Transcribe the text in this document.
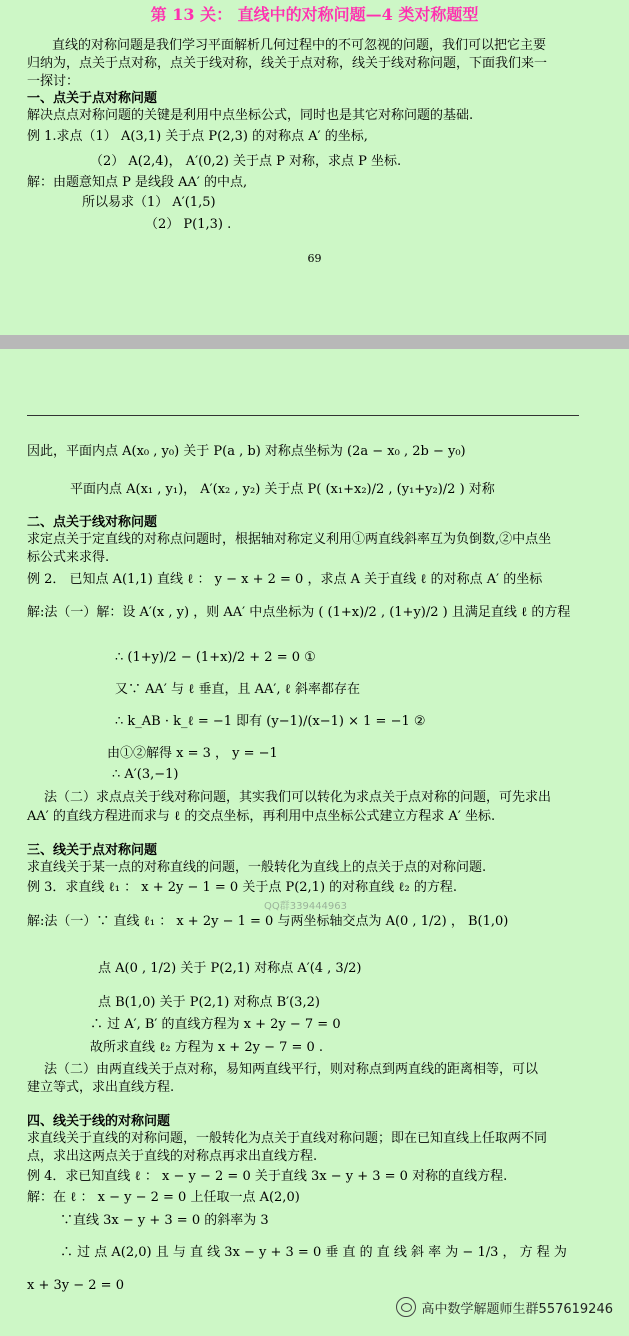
第 13 关： 直线中的对称问题—4 类对称题型
69
QQ群339444963
直线的对称问题是我们学习平面解析几何过程中的不可忽视的问题，我们可以把它主要
归纳为，点关于点对称，点关于线对称，线关于点对称，线关于线对称问题，下面我们来一
一探讨：
一、点关于点对称问题
解决点点对称问题的关键是利用中点坐标公式，同时也是其它对称问题的基础.
例 1.求点（1） A(3,1) 关于点 P(2,3) 的对称点 A′ 的坐标,
（2） A(2,4)， A′(0,2) 关于点 P 对称，求点 P 坐标.
解：由题意知点 P 是线段 AA′ 的中点,
所以易求（1） A′(1,5)
（2） P(1,3) .
因此，平面内点 A(x₀ , y₀) 关于 P(a , b) 对称点坐标为 (2a − x₀ , 2b − y₀)
平面内点 A(x₁ , y₁)， A′(x₂ , y₂) 关于点 P( (x₁+x₂)/2 , (y₁+y₂)/2 ) 对称
二、点关于线对称问题
求定点关于定直线的对称点问题时，根据轴对称定义利用①两直线斜率互为负倒数,②中点坐
标公式来求得.
例 2． 已知点 A(1,1) 直线 ℓ ： y − x + 2 = 0 ，求点 A 关于直线 ℓ 的对称点 A′ 的坐标
解:法（一）解：设 A′(x , y) ，则 AA′ 中点坐标为 ( (1+x)/2 , (1+y)/2 ) 且满足直线 ℓ 的方程
∴ (1+y)/2 − (1+x)/2 + 2 = 0 ①
又∵ AA′ 与 ℓ 垂直，且 AA′, ℓ 斜率都存在
∴ k_AB · k_ℓ = −1 即有 (y−1)/(x−1) × 1 = −1 ②
由①②解得 x = 3 ， y = −1
∴ A′(3,−1)
法（二）求点点关于线对称问题，其实我们可以转化为求点关于点对称的问题，可先求出
AA′ 的直线方程进而求与 ℓ 的交点坐标，再利用中点坐标公式建立方程求 A′ 坐标.
三、线关于点对称问题
求直线关于某一点的对称直线的问题，一般转化为直线上的点关于点的对称问题.
例 3．求直线 ℓ₁ ： x + 2y − 1 = 0 关于点 P(2,1) 的对称直线 ℓ₂ 的方程.
解:法（一）∵ 直线 ℓ₁ ： x + 2y − 1 = 0 与两坐标轴交点为 A(0 , 1/2) ， B(1,0)
点 A(0 , 1/2) 关于 P(2,1) 对称点 A′(4 , 3/2)
点 B(1,0) 关于 P(2,1) 对称点 B′(3,2)
∴ 过 A′, B′ 的直线方程为 x + 2y − 7 = 0
故所求直线 ℓ₂ 方程为 x + 2y − 7 = 0 .
法（二）由两直线关于点对称，易知两直线平行，则对称点到两直线的距离相等，可以
建立等式，求出直线方程.
四、线关于线的对称问题
求直线关于直线的对称问题，一般转化为点关于直线对称问题；即在已知直线上任取两不同
点，求出这两点关于直线的对称点再求出直线方程.
例 4．求已知直线 ℓ ： x − y − 2 = 0 关于直线 3x − y + 3 = 0 对称的直线方程.
解：在 ℓ ： x − y − 2 = 0 上任取一点 A(2,0)
∵直线 3x − y + 3 = 0 的斜率为 3
∴ 过 点 A(2,0) 且 与 直 线 3x − y + 3 = 0 垂 直 的 直 线 斜 率 为 − 1/3 ， 方 程 为
x + 3y − 2 = 0
高中数学解题师生群557619246
